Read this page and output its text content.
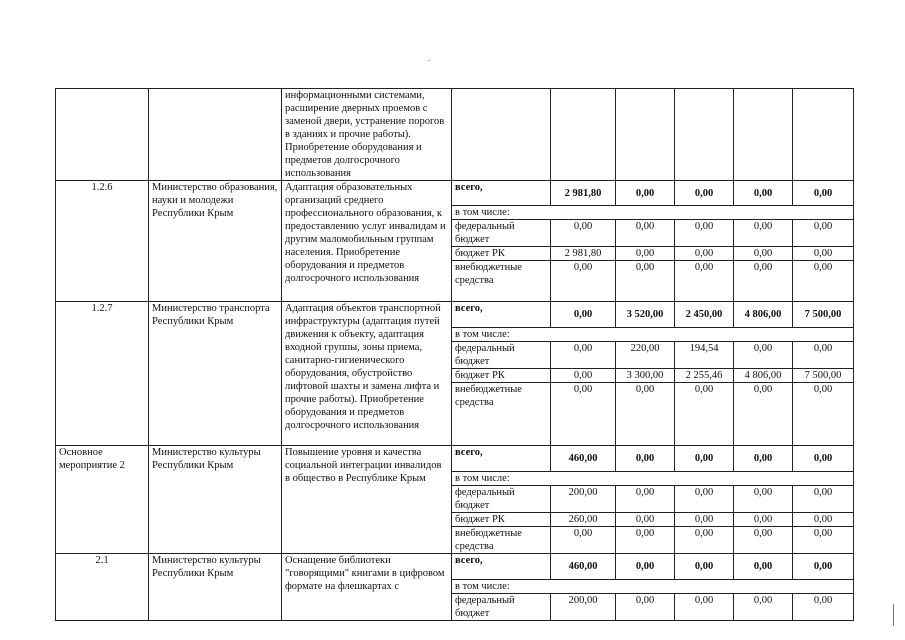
		информационными системами, расширение дверных проемов с заменой двери, устранение порогов в зданиях и прочие работы). Приобретение оборудования и предметов долгосрочного использования						
1.2.6	Министерство образования, науки и молодежи Республики Крым	Адаптация образовательных организаций среднего профессионального образования, к предоставлению услуг инвалидам и другим маломобильным группам населения. Приобретение оборудования и предметов долгосрочного использования	всего,	2 981,80	0,00	0,00	0,00	0,00
			в том числе:					
			федеральный бюджет	0,00	0,00	0,00	0,00	0,00
			бюджет РК	2 981,80	0,00	0,00	0,00	0,00
			внебюджетные средства	0,00	0,00	0,00	0,00	0,00
1.2.7	Министерство транспорта Республики Крым	Адаптация объектов транспортной инфраструктуры (адаптация путей движения к объекту, адаптация входной группы, зоны приема, санитарно-гигиенического оборудования, обустройство лифтовой шахты и замена лифта и прочие работы). Приобретение оборудования и предметов долгосрочного использования	всего,	0,00	3 520,00	2 450,00	4 806,00	7 500,00
			в том числе:					
			федеральный бюджет	0,00	220,00	194,54	0,00	0,00
			бюджет РК	0,00	3 300,00	2 255,46	4 806,00	7 500,00
			внебюджетные средства	0,00	0,00	0,00	0,00	0,00
Основное мероприятие 2	Министерство культуры Республики Крым	Повышение уровня и качества социальной интеграции инвалидов в общество в Республике Крым	всего,	460,00	0,00	0,00	0,00	0,00
			в том числе:					
			федеральный бюджет	200,00	0,00	0,00	0,00	0,00
			бюджет РК	260,00	0,00	0,00	0,00	0,00
			внебюджетные средства	0,00	0,00	0,00	0,00	0,00
2.1	Министерство культуры Республики Крым	Оснащение библиотеки "говорящими" книгами в цифровом формате на флешкартах с	всего,	460,00	0,00	0,00	0,00	0,00
			в том числе:					
			федеральный бюджет	200,00	0,00	0,00	0,00	0,00
